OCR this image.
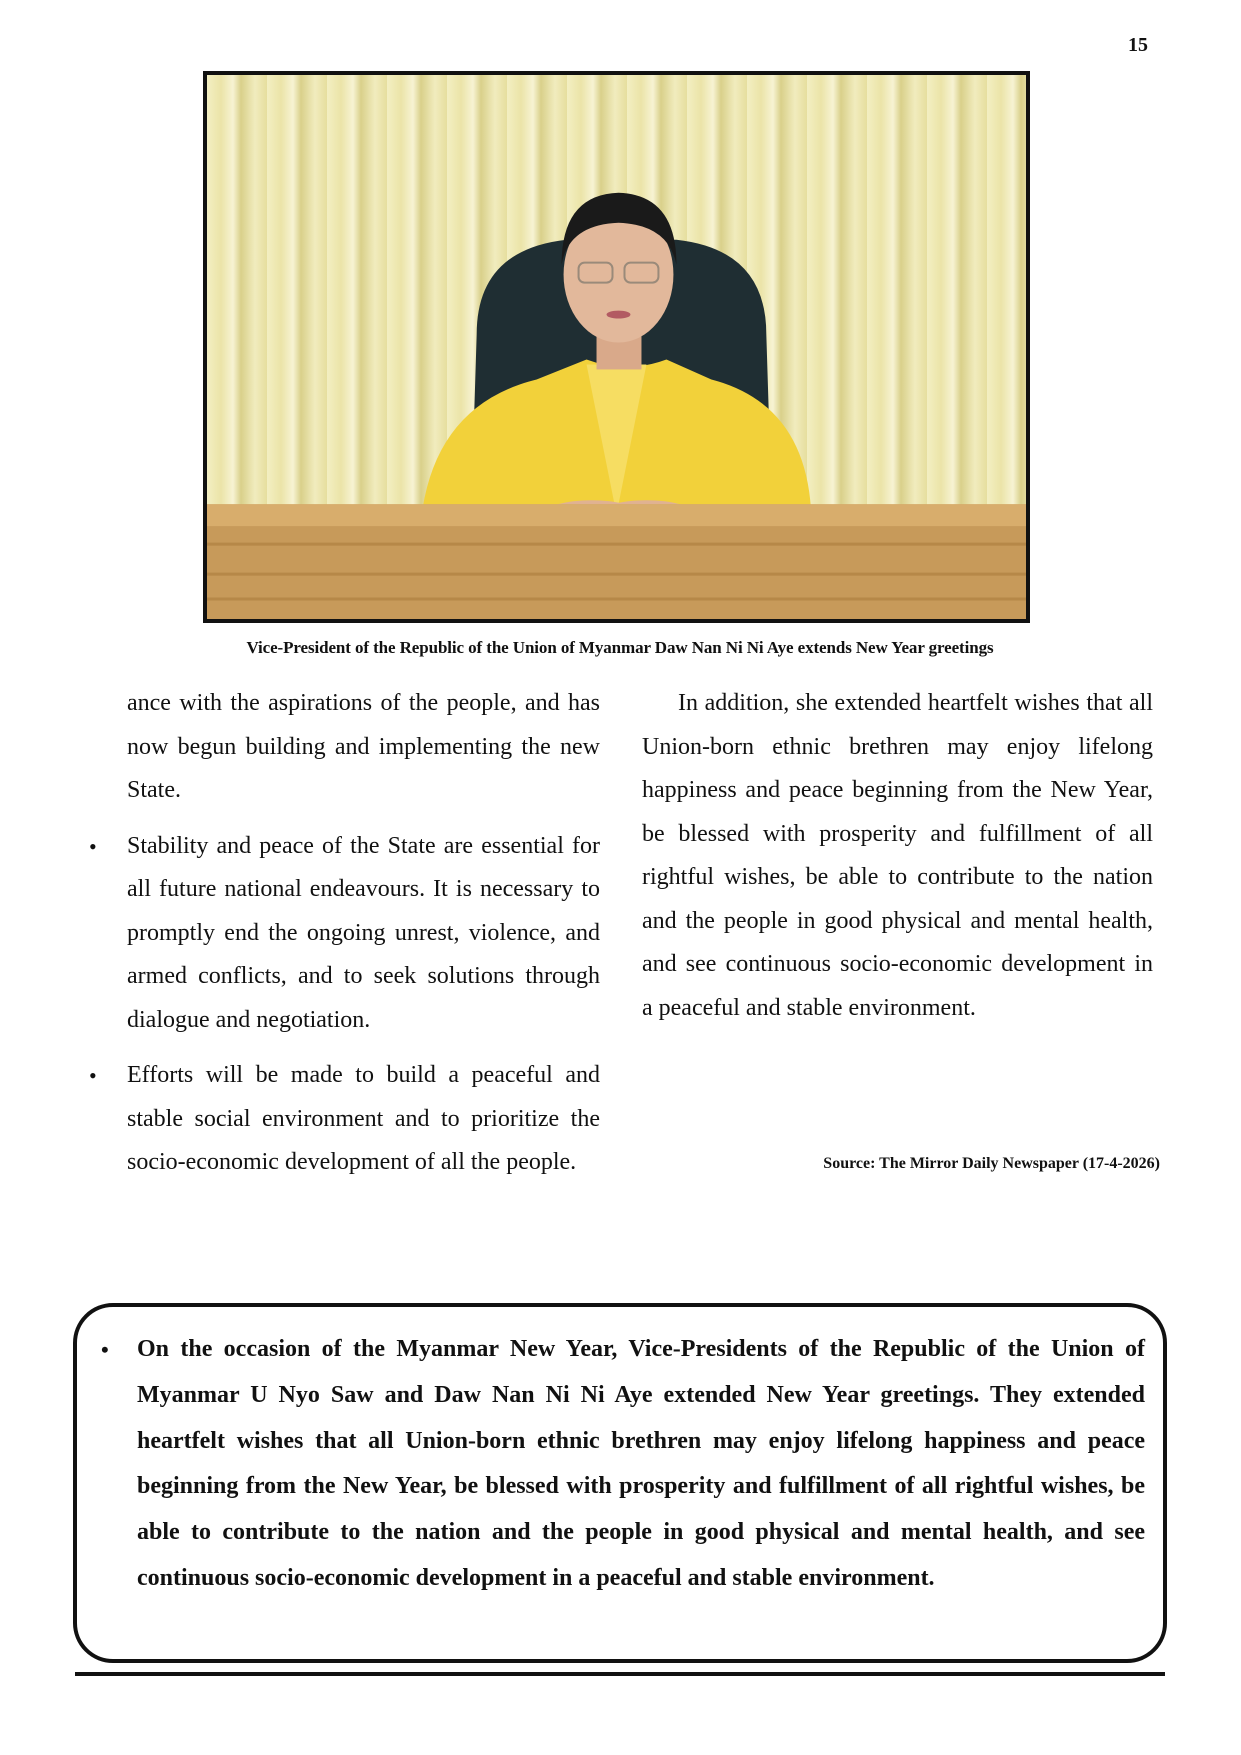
15
Vice-President of the Republic of the Union of Myanmar Daw Nan Ni Ni Aye extends New Year greetings

ance with the aspirations of the people, and has now begun building and implementing the new State.

• Stability and peace of the State are essential for all future national endeavours. It is necessary to promptly end the ongoing unrest, violence, and armed conflicts, and to seek solutions through dialogue and negotiation.

• Efforts will be made to build a peaceful and stable social environment and to prioritize the socio-economic development of all the people.

In addition, she extended heartfelt wishes that all Union-born ethnic brethren may enjoy lifelong happiness and peace beginning from the New Year, be blessed with prosperity and fulfillment of all rightful wishes, be able to contribute to the nation and the people in good physical and mental health, and see continuous socio-economic development in a peaceful and stable environment.

Source: The Mirror Daily Newspaper (17-4-2026)
• On the occasion of the Myanmar New Year, Vice-Presidents of the Republic of the Union of Myanmar U Nyo Saw and Daw Nan Ni Ni Aye extended New Year greetings. They extended heartfelt wishes that all Union-born ethnic brethren may enjoy lifelong happiness and peace beginning from the New Year, be blessed with prosperity and fulfillment of all rightful wishes, be able to contribute to the nation and the people in good physical and mental health, and see continuous socio-economic development in a peaceful and stable environment.
